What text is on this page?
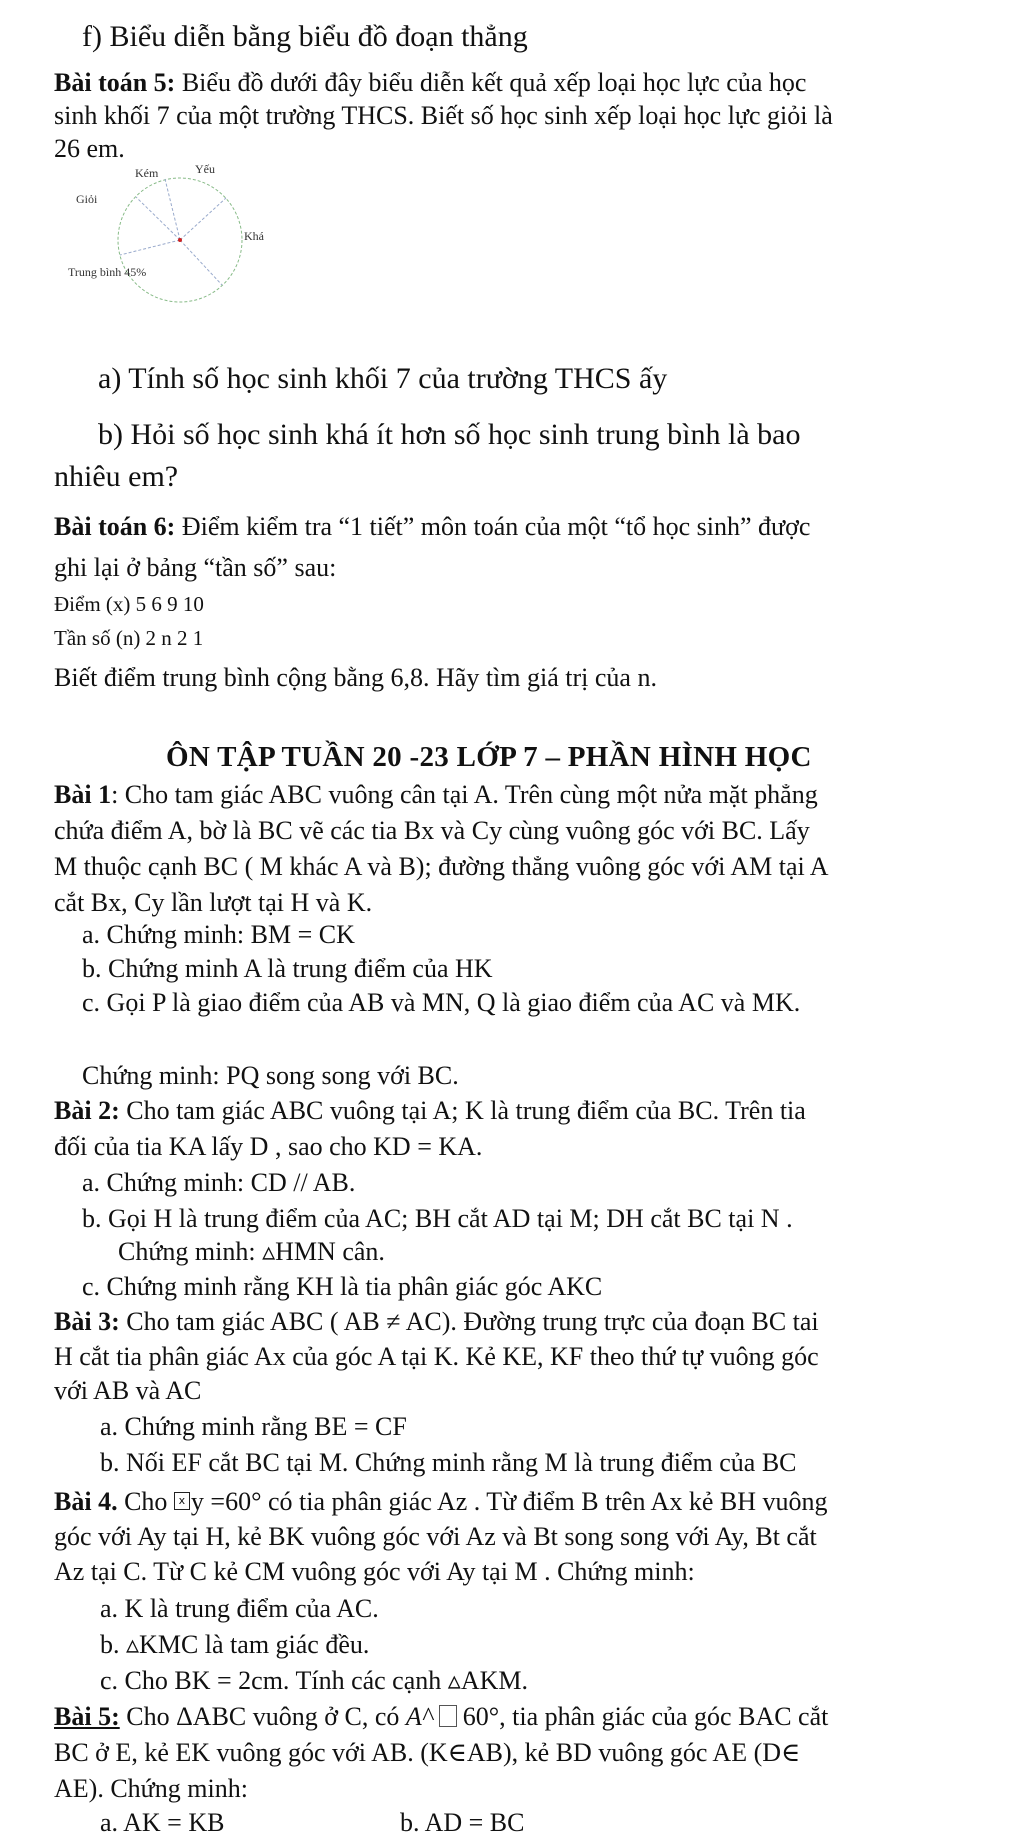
f) Biểu diễn bằng biểu đồ đoạn thẳng
Bài toán 5: Biểu đồ dưới đây biểu diễn kết quả xếp loại học lực của học
sinh khối 7 của một trường THCS. Biết số học sinh xếp loại học lực giỏi là
26 em.
Kém	Yếu
Giỏi
Khá
Trung bình 45%
a) Tính số học sinh khối 7 của trường THCS ấy
b) Hỏi số học sinh khá ít hơn số học sinh trung bình là bao
nhiêu em?
Bài toán 6: Điểm kiểm tra “1 tiết” môn toán của một “tổ học sinh” được
ghi lại ở bảng “tần số” sau:
Điểm (x) 5 6 9 10
Tần số (n) 2 n 2 1
Biết điểm trung bình cộng bằng 6,8. Hãy tìm giá trị của n.
ÔN TẬP TUẦN 20 -23 LỚP 7 – PHẦN HÌNH HỌC
Bài 1: Cho tam giác ABC vuông cân tại A. Trên cùng một nửa mặt phẳng
chứa điểm A, bờ là BC vẽ các tia Bx và Cy cùng vuông góc với BC. Lấy
M thuộc cạnh BC ( M khác A và B); đường thẳng vuông góc với AM tại A
cắt Bx, Cy lần lượt tại H và K.
a. Chứng minh: BM = CK
b. Chứng minh A là trung điểm của HK
c. Gọi P là giao điểm của AB và MN, Q là giao điểm của AC và MK.
Chứng minh: PQ song song với BC.
Bài 2: Cho tam giác ABC vuông tại A; K là trung điểm của BC. Trên tia
đối của tia KA lấy D , sao cho KD = KA.
a. Chứng minh: CD // AB.
b. Gọi H là trung điểm của AC; BH cắt AD tại M; DH cắt BC tại N .
Chứng minh: ▵HMN cân.
c. Chứng minh rằng KH là tia phân giác góc AKC
Bài 3: Cho tam giác ABC ( AB ≠ AC). Đường trung trực của đoạn BC tai
H cắt tia phân giác Ax của góc A tại K. Kẻ KE, KF theo thứ tự vuông góc
với AB và AC
a. Chứng minh rằng BE = CF
b. Nối EF cắt BC tại M. Chứng minh rằng M là trung điểm của BC
Bài 4. Cho x y =60° có tia phân giác Az . Từ điểm B trên Ax kẻ BH vuông
góc với Ay tại H, kẻ BK vuông góc với Az và Bt song song với Ay, Bt cắt
Az tại C. Từ C kẻ CM vuông góc với Ay tại M . Chứng minh:
a. K là trung điểm của AC.
b. ▵KMC là tam giác đều.
c. Cho BK = 2cm. Tính các cạnh ▵AKM.
Bài 5: Cho ΔABC vuông ở C, có A^ 60°, tia phân giác của góc BAC cắt
BC ở E, kẻ EK vuông góc với AB. (K∈AB), kẻ BD vuông góc AE (D∈
AE). Chứng minh:
a. AK = KB	b. AD = BC
